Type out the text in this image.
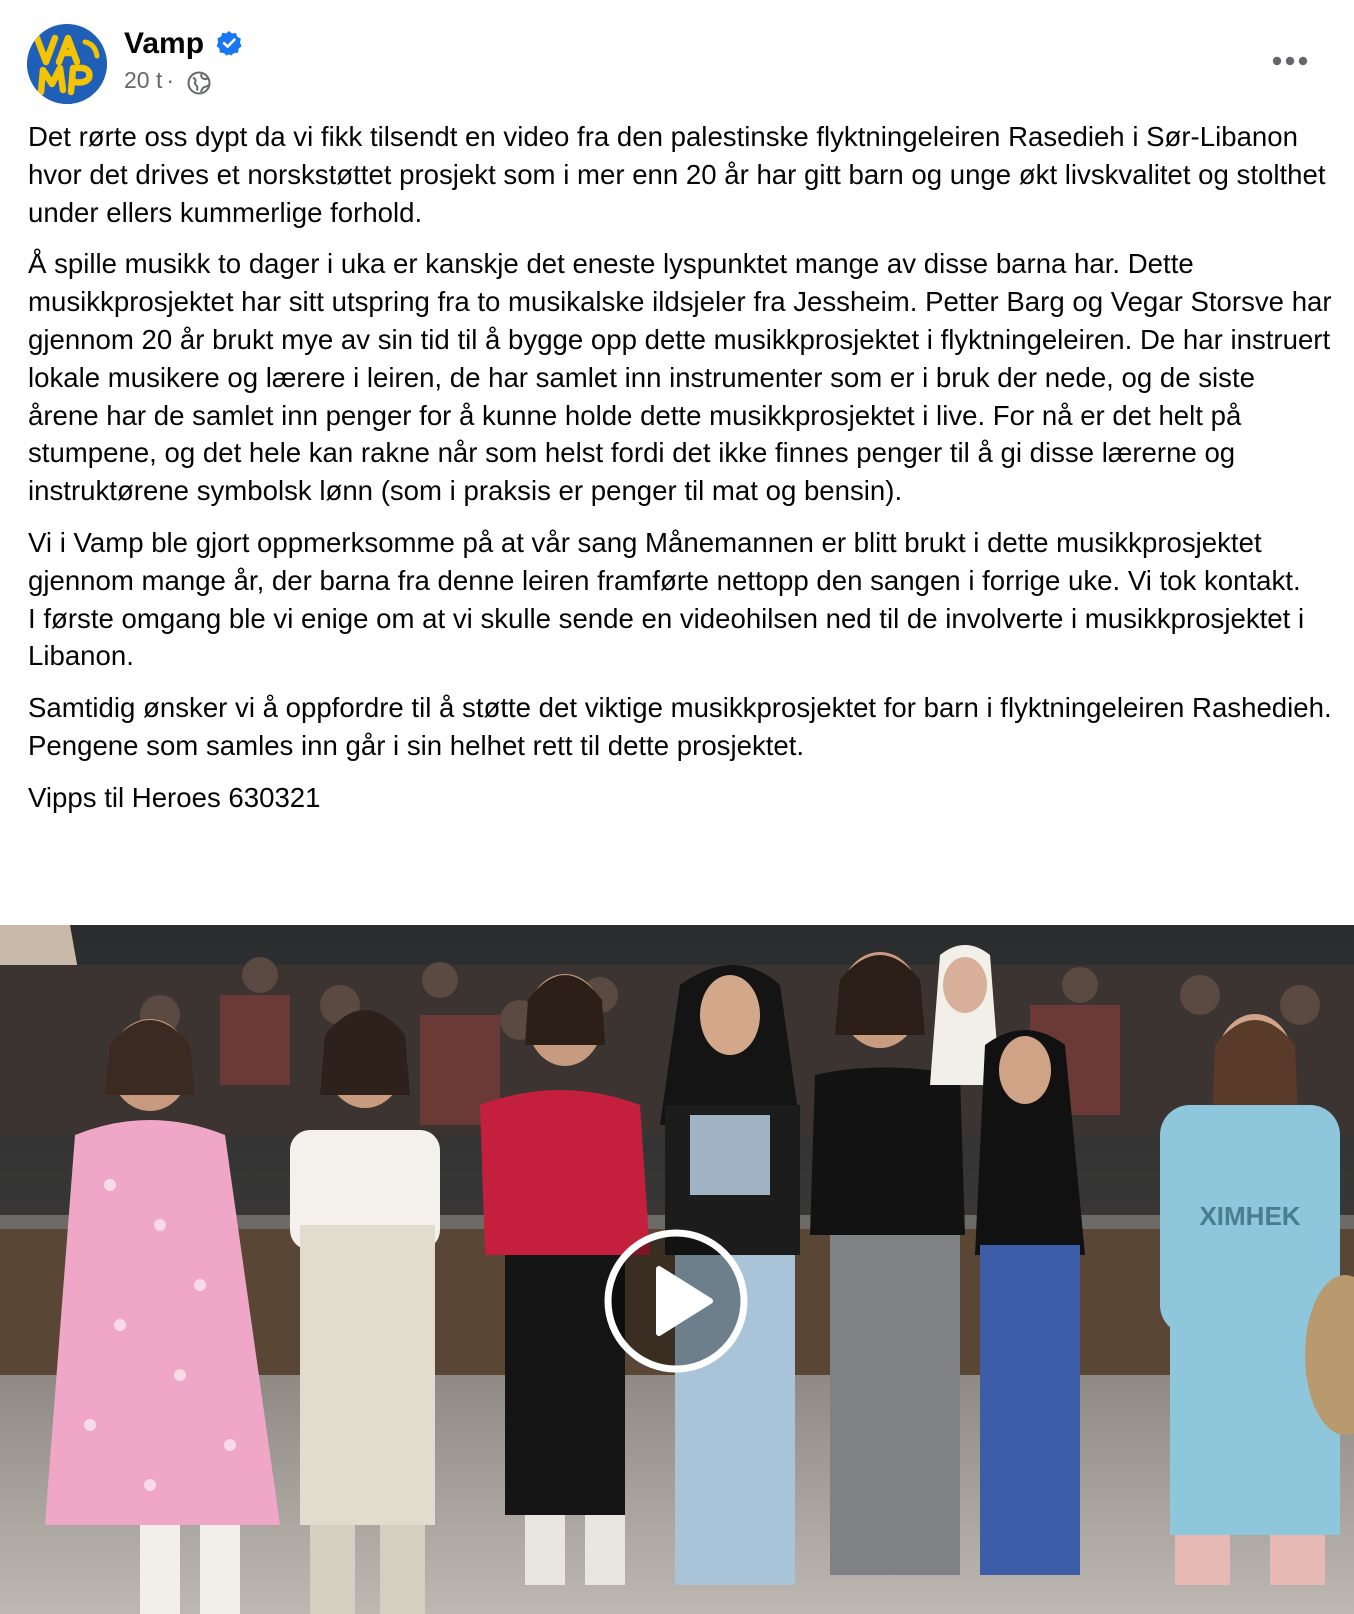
Vamp
20 t ·

Det rørte oss dypt da vi fikk tilsendt en video fra den palestinske flyktningeleiren Rasedieh i Sør-Libanon hvor det drives et norskstøttet prosjekt som i mer enn 20 år har gitt barn og unge økt livskvalitet og stolthet under ellers kummerlige forhold.

Å spille musikk to dager i uka er kanskje det eneste lyspunktet mange av disse barna har. Dette musikkprosjektet har sitt utspring fra to musikalske ildsjeler fra Jessheim. Petter Barg og Vegar Storsve har gjennom 20 år brukt mye av sin tid til å bygge opp dette musikkprosjektet i flyktningeleiren. De har instruert lokale musikere og lærere i leiren, de har samlet inn instrumenter som er i bruk der nede, og de siste årene har de samlet inn penger for å kunne holde dette musikkprosjektet i live. For nå er det helt på stumpene, og det hele kan rakne når som helst fordi det ikke finnes penger til å gi disse lærerne og instruktørene symbolsk lønn (som i praksis er penger til mat og bensin).

Vi i Vamp ble gjort oppmerksomme på at vår sang Månemannen er blitt brukt i dette musikkprosjektet gjennom mange år, der barna fra denne leiren framførte nettopp den sangen i forrige uke. Vi tok kontakt.
I første omgang ble vi enige om at vi skulle sende en videohilsen ned til de involverte i musikkprosjektet i Libanon.

Samtidig ønsker vi å oppfordre til å støtte det viktige musikkprosjektet for barn i flyktningeleiren Rashedieh. Pengene som samles inn går i sin helhet rett til dette prosjektet.

Vipps til Heroes 630321

XIMHEK
